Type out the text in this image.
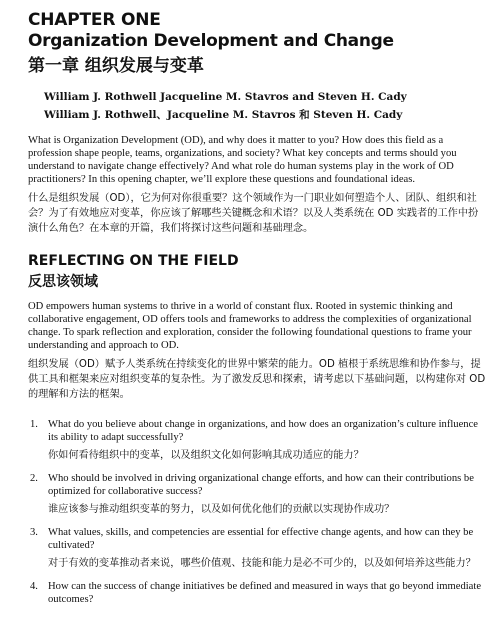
CHAPTER ONE
Organization Development and Change
第一章 组织发展与变革

William J. Rothwell Jacqueline M. Stavros and Steven H. Cady

William J. Rothwell、Jacqueline M. Stavros 和 Steven H. Cady

What is Organization Development (OD), and why does it matter to you? How does this field as a profession shape people, teams, organizations, and society? What key concepts and terms should you understand to navigate change effectively? And what role do human systems play in the work of OD practitioners? In this opening chapter, we’ll explore these questions and foundational ideas.

什么是组织发展（OD），它为何对你很重要？这个领域作为一门职业如何塑造个人、团队、组织和社会？为了有效地应对变革，你应该了解哪些关键概念和术语？以及人类系统在 OD 实践者的工作中扮演什么角色？在本章的开篇，我们将探讨这些问题和基础理念。

REFLECTING ON THE FIELD
反思该领域

OD empowers human systems to thrive in a world of constant flux. Rooted in systemic thinking and collaborative engagement, OD offers tools and frameworks to address the complexities of organizational change. To spark reflection and exploration, consider the following foundational questions to frame your understanding and approach to OD.

组织发展（OD）赋予人类系统在持续变化的世界中繁荣的能力。OD 植根于系统思维和协作参与，提供工具和框架来应对组织变革的复杂性。为了激发反思和探索，请考虑以下基础问题，以构建你对 OD 的理解和方法的框架。

1. What do you believe about change in organizations, and how does an organization’s culture influence its ability to adapt successfully?

你如何看待组织中的变革，以及组织文化如何影响其成功适应的能力？

2. Who should be involved in driving organizational change efforts, and how can their contributions be optimized for collaborative success?

谁应该参与推动组织变革的努力，以及如何优化他们的贡献以实现协作成功？

3. What values, skills, and competencies are essential for effective change agents, and how can they be cultivated?

对于有效的变革推动者来说，哪些价值观、技能和能力是必不可少的，以及如何培养这些能力？

4. How can the success of change initiatives be defined and measured in ways that go beyond immediate outcomes?
